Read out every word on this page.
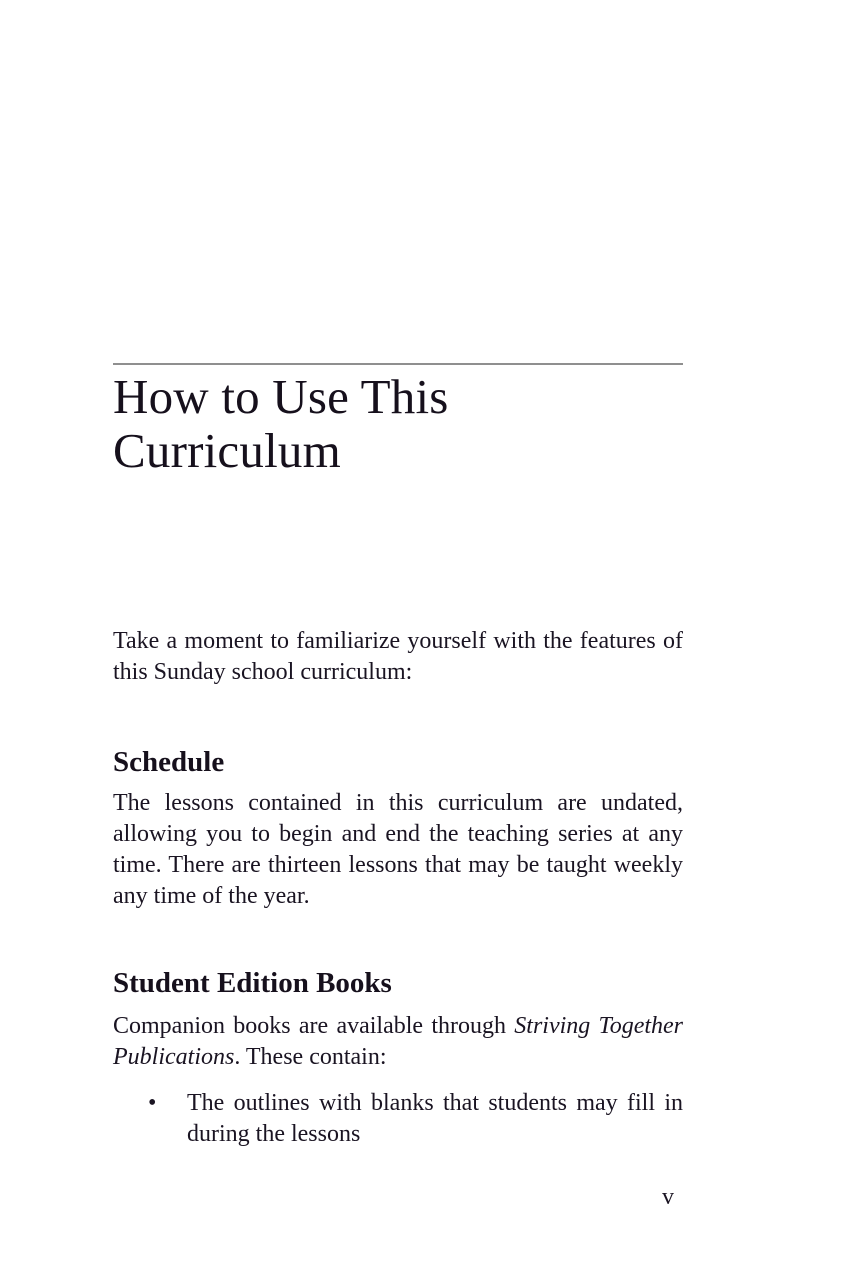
How to Use This Curriculum

Take a moment to familiarize yourself with the features of this Sunday school curriculum:

Schedule

The lessons contained in this curriculum are undated, allowing you to begin and end the teaching series at any time. There are thirteen lessons that may be taught weekly any time of the year.

Student Edition Books

Companion books are available through Striving Together Publications. These contain:

• The outlines with blanks that students may fill in during the lessons
v
